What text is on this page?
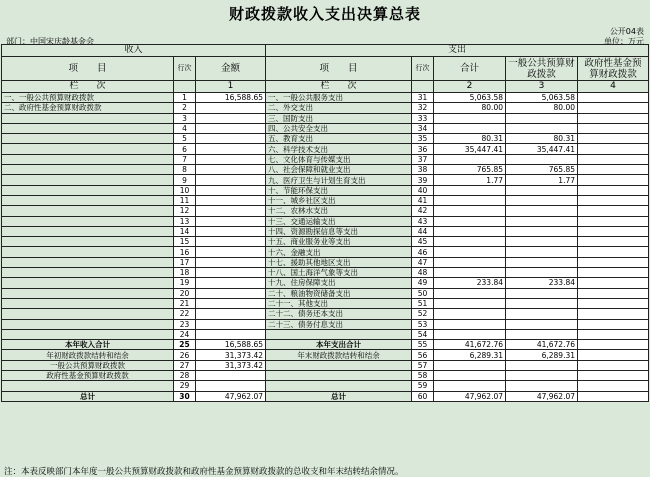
财政拨款收入支出决算总表
公开04表
部门：中国宋庆龄基金会	单位：万元
收入			支出				
项　　目	行次	金额	项　　目	行次	合计	一般公共预算财政拨款	政府性基金预算财政拨款
栏　　次		1	栏　　次		2	3	4
一、一般公共预算财政拨款	1	16,588.65	一、一般公共服务支出	31	5,063.58	5,063.58	
二、政府性基金预算财政拨款	2		二、外交支出	32	80.00	80.00	
	3		三、国防支出	33			
	4		四、公共安全支出	34			
	5		五、教育支出	35	80.31	80.31	
	6		六、科学技术支出	36	35,447.41	35,447.41	
	7		七、文化体育与传媒支出	37			
	8		八、社会保障和就业支出	38	765.85	765.85	
	9		九、医疗卫生与计划生育支出	39	1.77	1.77	
	10		十、节能环保支出	40			
	11		十一、城乡社区支出	41			
	12		十二、农林水支出	42			
	13		十三、交通运输支出	43			
	14		十四、资源勘探信息等支出	44			
	15		十五、商业服务业等支出	45			
	16		十六、金融支出	46			
	17		十七、援助其他地区支出	47			
	18		十八、国土海洋气象等支出	48			
	19		十九、住房保障支出	49	233.84	233.84	
	20		二十、粮油物资储备支出	50			
	21		二十一、其他支出	51			
	22		二十二、债务还本支出	52			
	23		二十三、债务付息支出	53			
	24			54			
本年收入合计	25	16,588.65	本年支出合计	55	41,672.76	41,672.76	
年初财政拨款结转和结余	26	31,373.42	年末财政拨款结转和结余	56	6,289.31	6,289.31	
一般公共预算财政拨款	27	31,373.42		57			
政府性基金预算财政拨款	28			58			
	29			59			
总计	30	47,962.07	总计	60	47,962.07	47,962.07	
注：本表反映部门本年度一般公共预算财政拨款和政府性基金预算财政拨款的总收支和年末结转结余情况。
